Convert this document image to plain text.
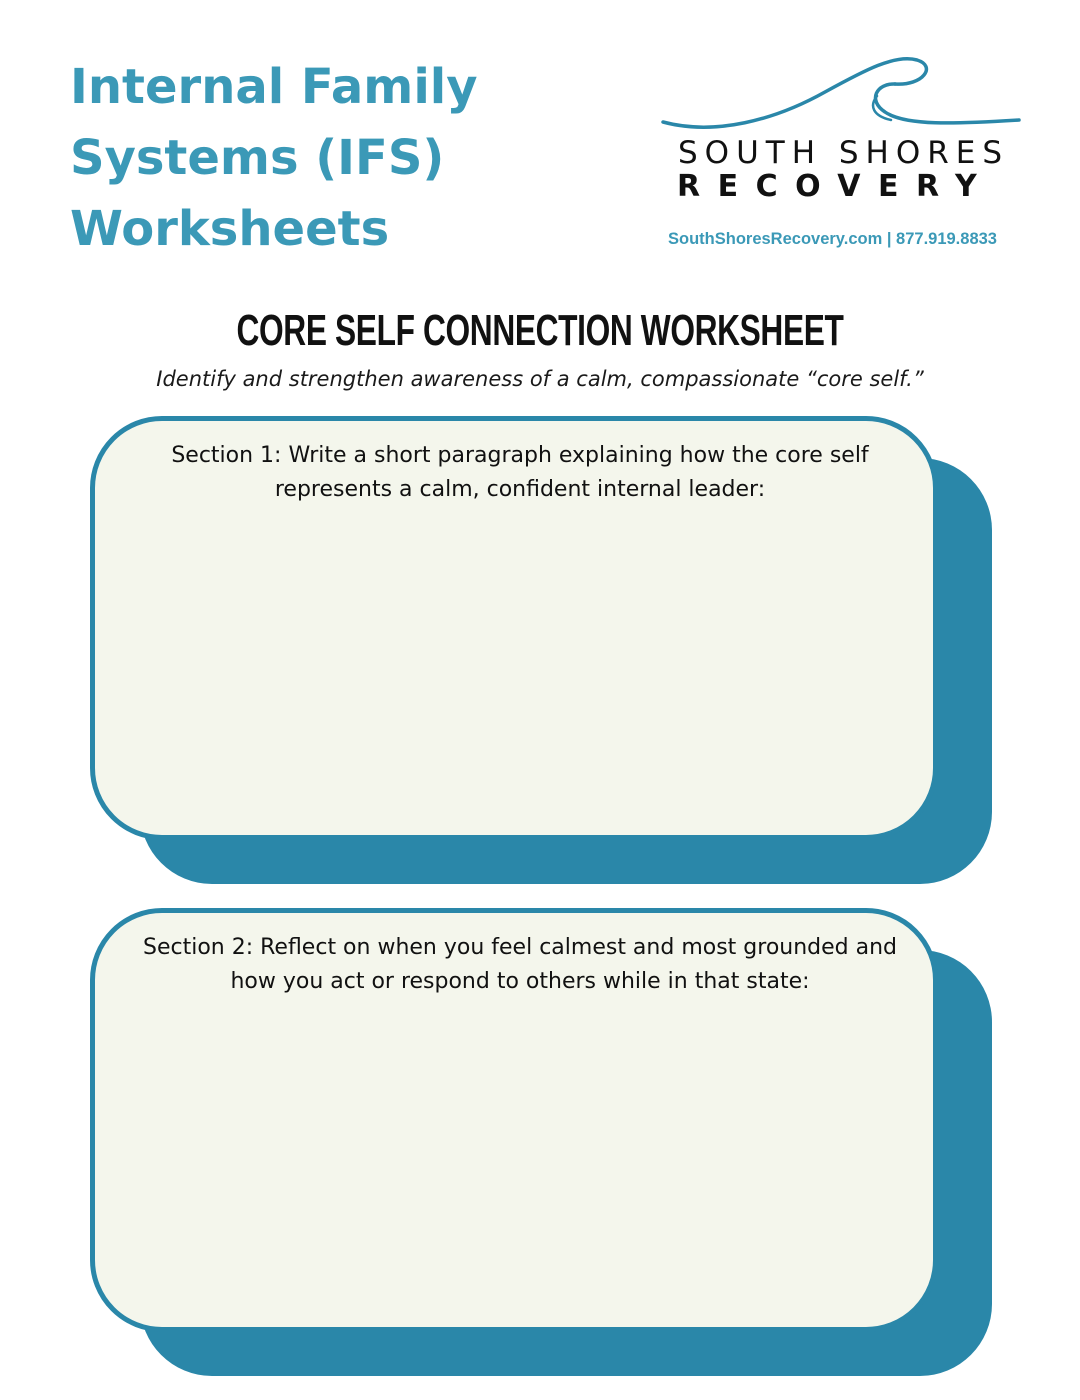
Internal Family
Systems (IFS)
Worksheets
SOUTH SHORES
RECOVERY
SouthShoresRecovery.com | 877.919.8833
CORE SELF CONNECTION WORKSHEET
Identify and strengthen awareness of a calm, compassionate “core self.”
Section 1: Write a short paragraph explaining how the core self represents a calm, confident internal leader:
Section 2: Reflect on when you feel calmest and most grounded and how you act or respond to others while in that state:
